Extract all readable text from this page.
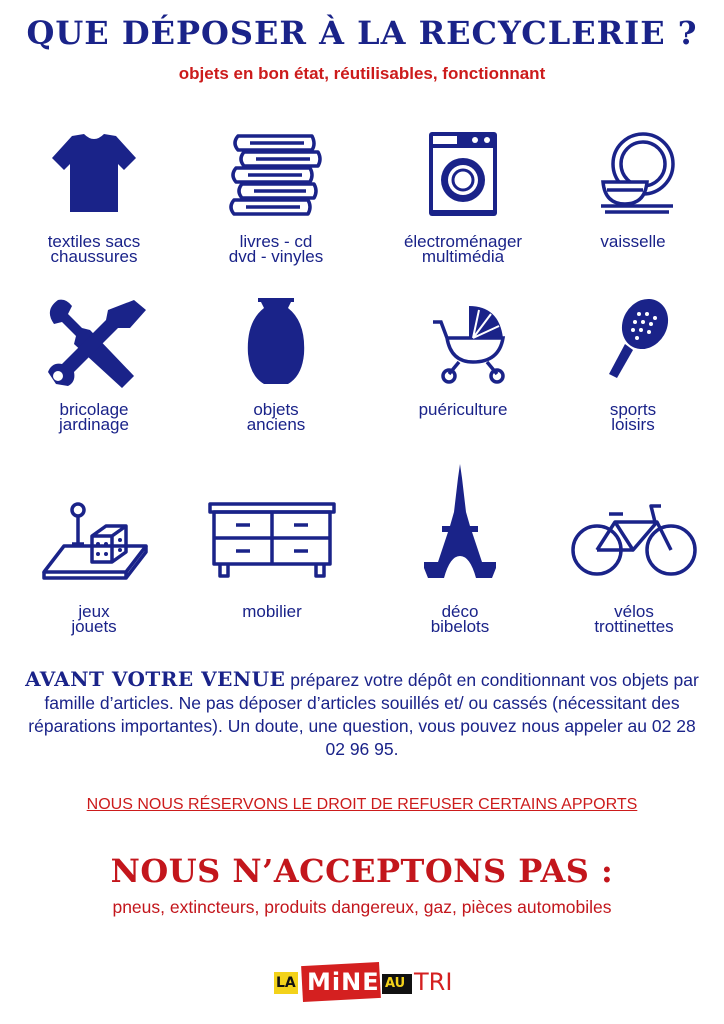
QUE DÉPOSER À LA RECYCLERIE ?
objets en bon état, réutilisables, fonctionnant
textiles sacs
chaussures
livres - cd
dvd - vinyles
électroménager
multimédia
vaisselle
bricolage
jardinage
objets
anciens
puériculture	sports
loisirs
jeux
jouets
mobilier	déco
bibelots
vélos
trottinettes
AVANT VOTRE VENUE préparez votre dépôt en conditionnant vos objets par famille d’articles. Ne pas déposer d’articles souillés et/ ou cassés (nécessitant des réparations importantes). Un doute, une question, vous pouvez nous appeler au 02 28 02 96 95.
NOUS NOUS RÉSERVONS LE DROIT DE REFUSER CERTAINS APPORTS
NOUS N’ACCEPTONS PAS :
pneus, extincteurs, produits dangereux, gaz, pièces automobiles
LA MiNE AU TRI
